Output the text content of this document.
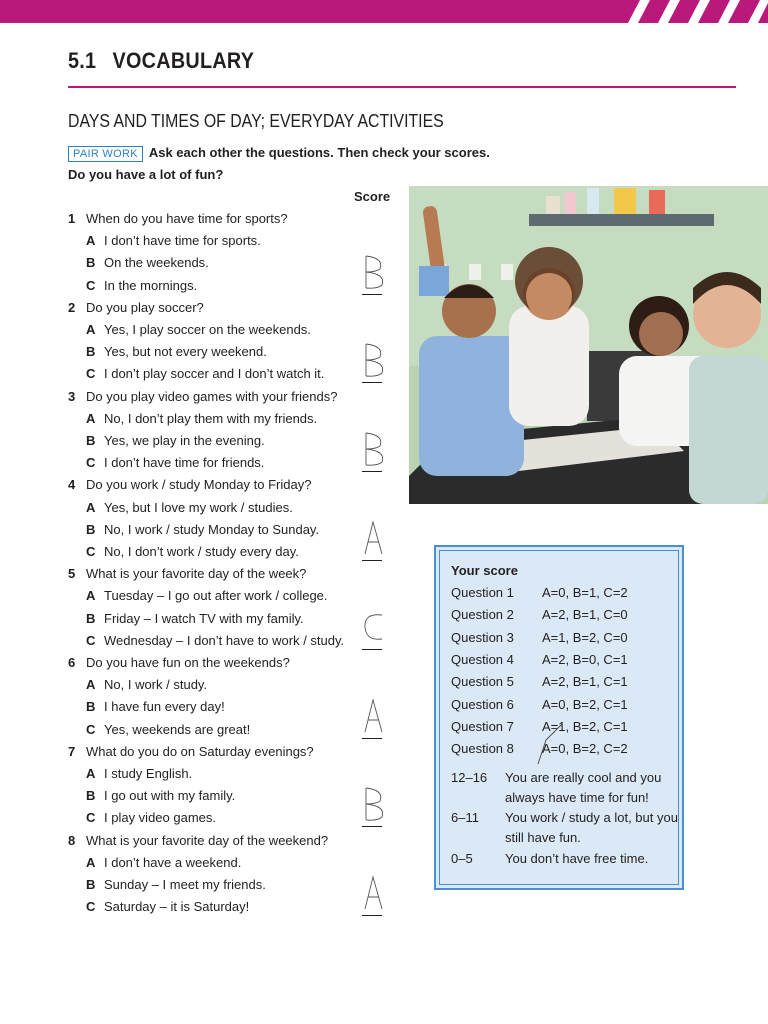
5.1 VOCABULARY
DAYS AND TIMES OF DAY; EVERYDAY ACTIVITIES
PAIR WORK Ask each other the questions. Then check your scores.
Do you have a lot of fun?
Score
1 When do you have time for sports?
A I don’t have time for sports.
B On the weekends.
C In the mornings.
2 Do you play soccer?
A Yes, I play soccer on the weekends.
B Yes, but not every weekend.
C I don’t play soccer and I don’t watch it.
3 Do you play video games with your friends?
A No, I don’t play them with my friends.
B Yes, we play in the evening.
C I don’t have time for friends.
4 Do you work / study Monday to Friday?
A Yes, but I love my work / studies.
B No, I work / study Monday to Sunday.
C No, I don’t work / study every day.
5 What is your favorite day of the week?
A Tuesday – I go out after work / college.
B Friday – I watch TV with my family.
C Wednesday – I don’t have to work / study.
6 Do you have fun on the weekends?
A No, I work / study.
B I have fun every day!
C Yes, weekends are great!
7 What do you do on Saturday evenings?
A I study English.
B I go out with my family.
C I play video games.
8 What is your favorite day of the weekend?
A I don’t have a weekend.
B Sunday – I meet my friends.
C Saturday – it is Saturday!
Your score
Question 1 A=0, B=1, C=2
Question 2 A=2, B=1, C=0
Question 3 A=1, B=2, C=0
Question 4 A=2, B=0, C=1
Question 5 A=2, B=1, C=1
Question 6 A=0, B=2, C=1
Question 7 A=1, B=2, C=1
Question 8 A=0, B=2, C=2
12–16 You are really cool and you always have time for fun!
6–11 You work / study a lot, but you still have fun.
0–5 You don’t have free time.
